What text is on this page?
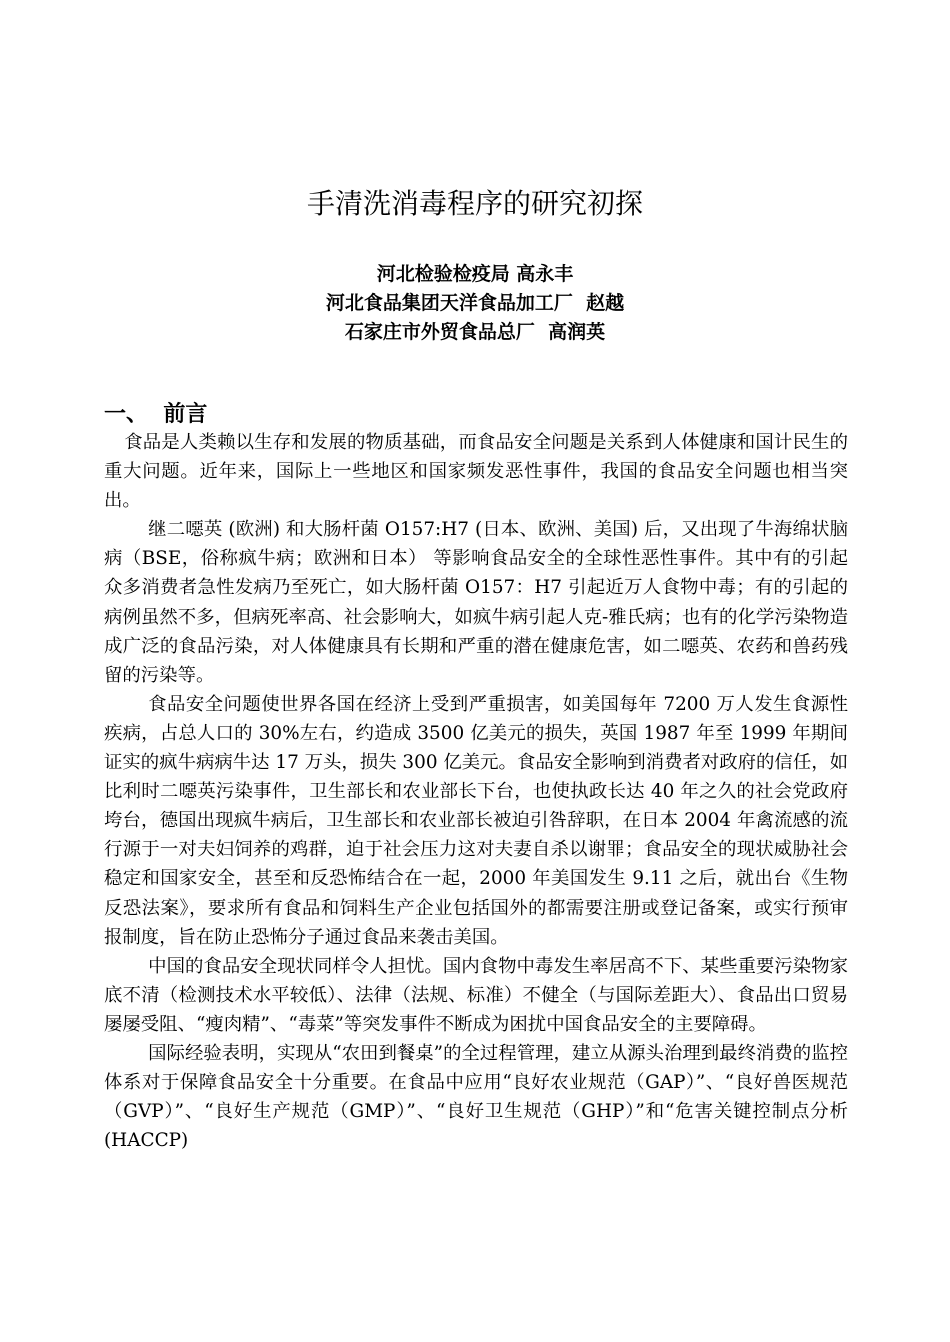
手清洗消毒程序的研究初探
河北检验检疫局 高永丰
河北食品集团天洋食品加工厂  赵越
石家庄市外贸食品总厂  高润英
一、  前言

食品是人类赖以生存和发展的物质基础，而食品安全问题是关系到人体健康和国计民生的重大问题。近年来，国际上一些地区和国家频发恶性事件，我国的食品安全问题也相当突出。

继二噁英 (欧洲) 和大肠杆菌 O157:H7 (日本、欧洲、美国) 后，又出现了牛海绵状脑病（BSE，俗称疯牛病；欧洲和日本） 等影响食品安全的全球性恶性事件。其中有的引起众多消费者急性发病乃至死亡，如大肠杆菌 O157：H7 引起近万人食物中毒；有的引起的病例虽然不多，但病死率高、社会影响大，如疯牛病引起人克-雅氏病；也有的化学污染物造成广泛的食品污染，对人体健康具有长期和严重的潜在健康危害，如二噁英、农药和兽药残留的污染等。

食品安全问题使世界各国在经济上受到严重损害，如美国每年 7200 万人发生食源性疾病，占总人口的 30%左右，约造成 3500 亿美元的损失，英国 1987 年至 1999 年期间证实的疯牛病病牛达 17 万头，损失 300 亿美元。食品安全影响到消费者对政府的信任，如比利时二噁英污染事件，卫生部长和农业部长下台，也使执政长达 40 年之久的社会党政府垮台，德国出现疯牛病后，卫生部长和农业部长被迫引咎辞职，在日本 2004 年禽流感的流行源于一对夫妇饲养的鸡群，迫于社会压力这对夫妻自杀以谢罪；食品安全的现状威胁社会稳定和国家安全，甚至和反恐怖结合在一起，2000 年美国发生 9.11 之后，就出台《生物反恐法案》，要求所有食品和饲料生产企业包括国外的都需要注册或登记备案，或实行预审报制度，旨在防止恐怖分子通过食品来袭击美国。

中国的食品安全现状同样令人担忧。国内食物中毒发生率居高不下、某些重要污染物家底不清（检测技术水平较低）、法律（法规、标准）不健全（与国际差距大）、食品出口贸易屡屡受阻、“瘦肉精”、“毒菜”等突发事件不断成为困扰中国食品安全的主要障碍。

国际经验表明，实现从“农田到餐桌”的全过程管理，建立从源头治理到最终消费的监控体系对于保障食品安全十分重要。在食品中应用“良好农业规范（GAP）”、“良好兽医规范（GVP）”、“良好生产规范（GMP）”、“良好卫生规范（GHP）”和“危害关键控制点分析 (HACCP)
